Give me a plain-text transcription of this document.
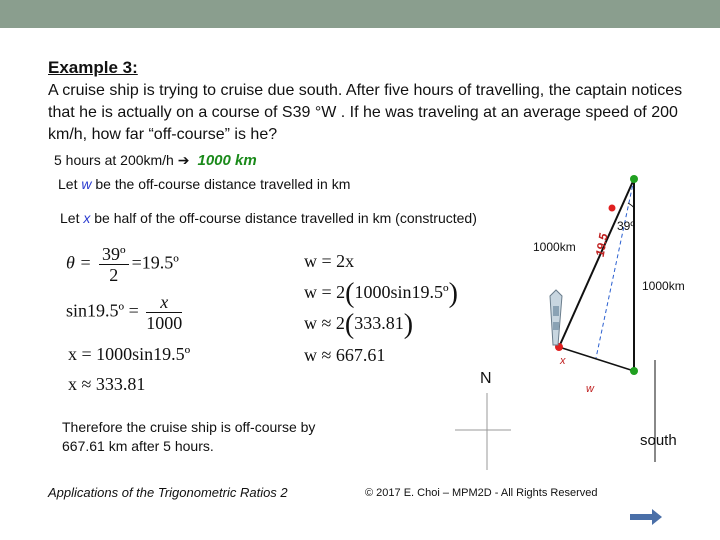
Example 3:
A cruise ship is trying to cruise due south. After five hours of travelling, the captain notices that he is actually on a course of S39 °W . If he was traveling at an average speed of 200 km/h, how far “off-course” is he?
5 hours at 200km/h ➔ 1000 km
Let w be the off-course distance travelled in km
Let x be half of the off-course distance travelled in km (constructed)
$\theta = \frac{\text{39º}}{2}$ =19.5º
sin19.5º = $\frac{x}{1000}$
x = 1000sin19.5º
x ≈ 333.81
w = 2x
w = 2(1000sin19.5º)
w ≈ 2(333.81)
w ≈ 667.61
39º
19.5
1000km
1000km
x
w
N
south
Therefore the cruise ship is off-course by
667.61 km after 5 hours.
Applications of the Trigonometric Ratios 2	© 2017 E. Choi – MPM2D - All Rights Reserved
